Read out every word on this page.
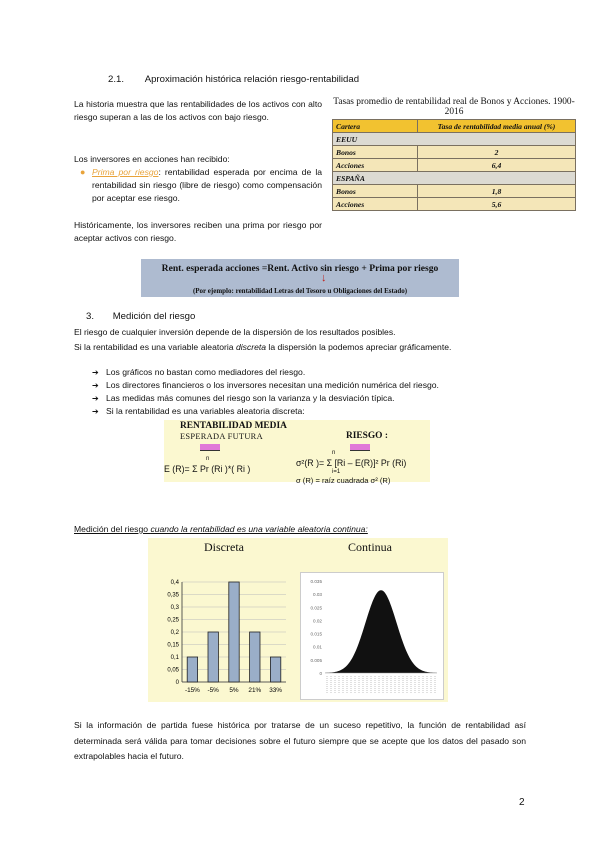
2.1. Aproximación histórica relación riesgo-rentabilidad
La historia muestra que las rentabilidades de los activos con alto riesgo superan a las de los activos con bajo riesgo.
Los inversores en acciones han recibido:
● Prima por riesgo: rentabilidad esperada por encima de la rentabilidad sin riesgo (libre de riesgo) como compensación por aceptar ese riesgo.
Históricamente, los inversores reciben una prima por riesgo por aceptar activos con riesgo.
Tasas promedio de rentabilidad real de Bonos y Acciones. 1900-2016
Cartera	Tasa de rentabilidad media anual (%)
EEUU	
Bonos	2
Acciones	6,4
ESPAÑA	
Bonos	1,8
Acciones	5,6
Rent. esperada acciones =Rent. Activo sin riesgo + Prima por riesgo
↓
(Por ejemplo: rentabilidad Letras del Tesoro u Obligaciones del Estado)
3. Medición del riesgo
El riesgo de cualquier inversión depende de la dispersión de los resultados posibles.
Si la rentabilidad es una variable aleatoria discreta la dispersión la podemos apreciar gráficamente.
➔ Los gráficos no bastan como mediadores del riesgo.
➔ Los directores financieros o los inversores necesitan una medición numérica del riesgo.
➔ Las medidas más comunes del riesgo son la varianza y la desviación típica.
➔ Si la rentabilidad es una variables aleatoria discreta:
RENTABILIDAD MEDIA
ESPERADA FUTURA	RIESGO :
n
n
E (R)= Σ Pr (Ri )*( Ri )
σ²(R )= Σ [Ri – E(R)]² Pr (Ri)
i=1
σ (R) = raíz cuadrada σ² (R)
Medición del riesgo cuando la rentabilidad es una variable aleatoria continua:
Discreta	Continua
0
0,05
0,1
0,15
0,2
0,25
0,3
0,35
0,4
-15% -5% 5% 21% 33%
0
0.005
0.01
0.015
0.02
0.025
0.03
0.035
Si la información de partida fuese histórica por tratarse de un suceso repetitivo, la función de rentabilidad así determinada será válida para tomar decisiones sobre el futuro siempre que se acepte que los datos del pasado son extrapolables hacia el futuro.
2
